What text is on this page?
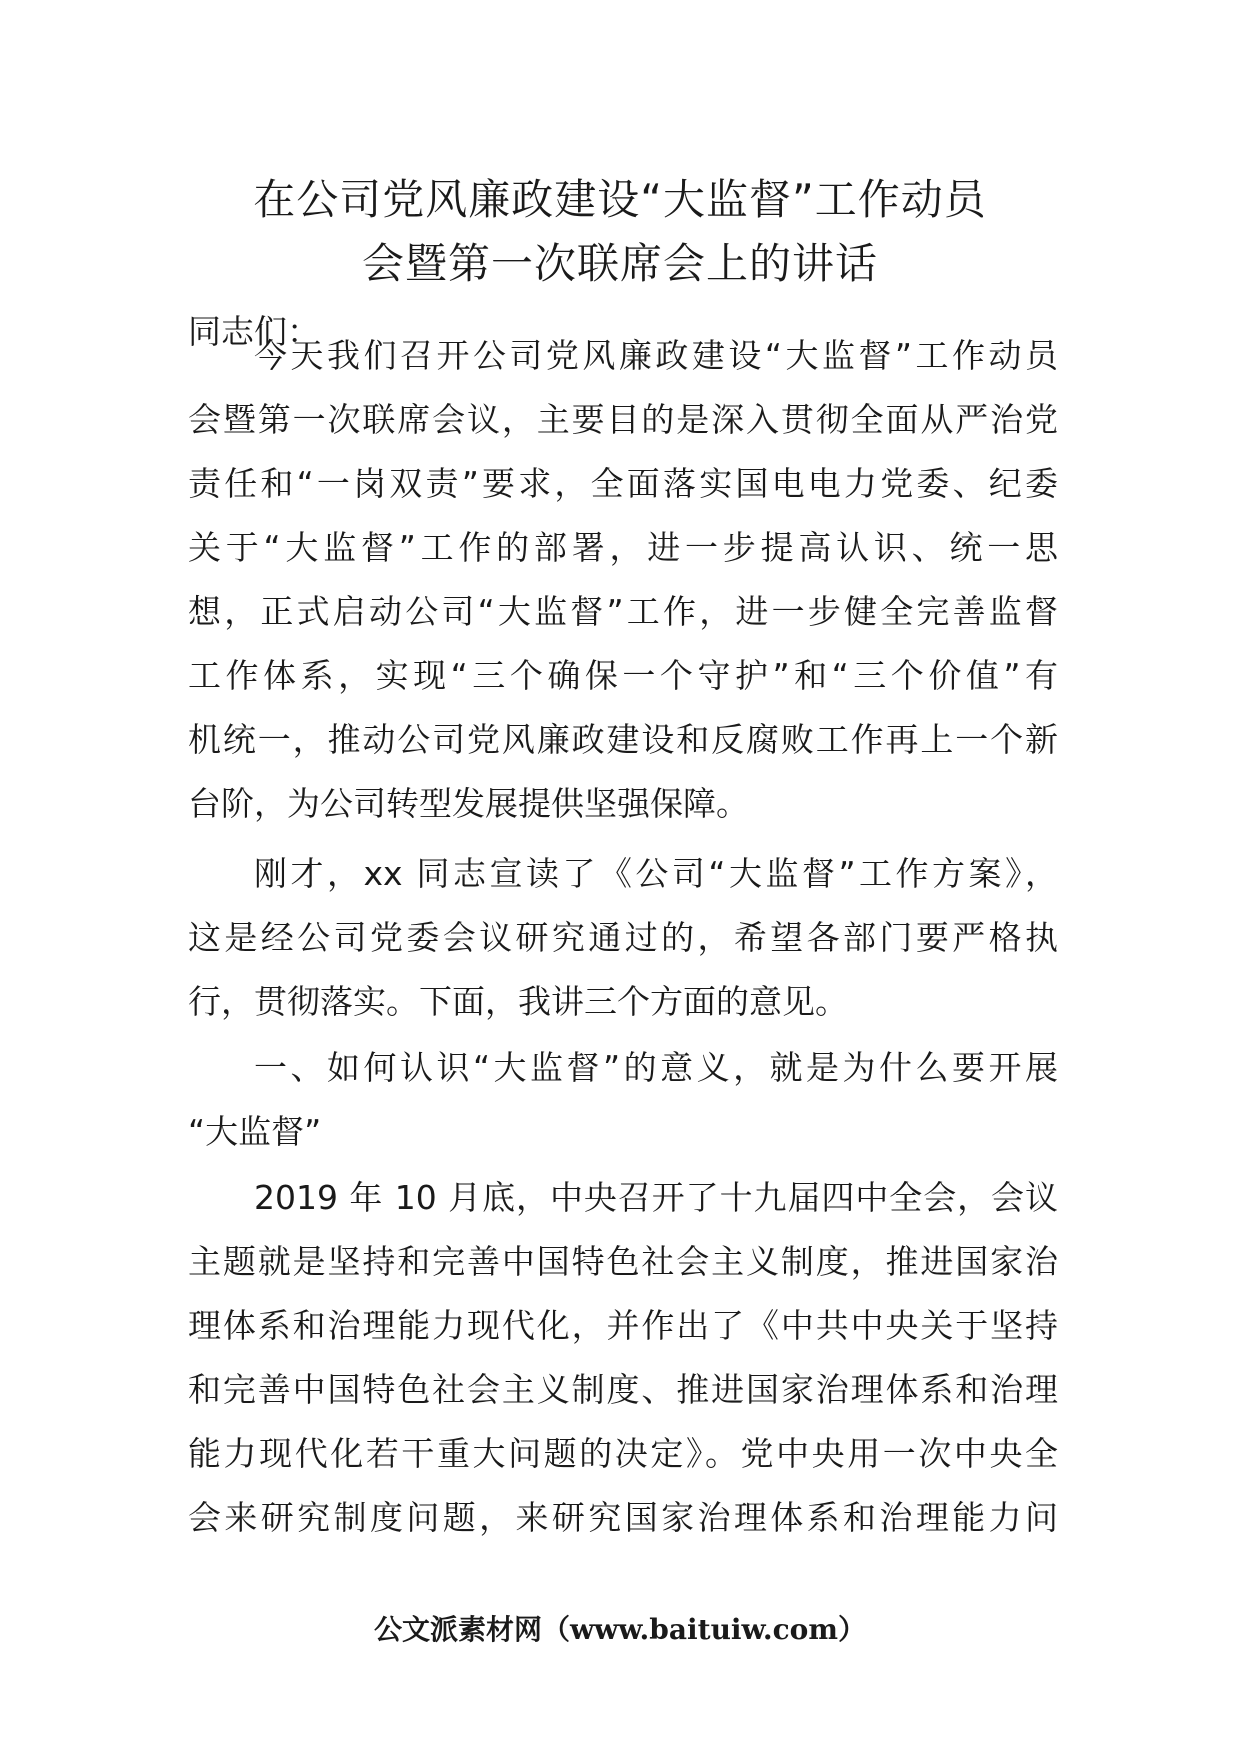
在公司党风廉政建设“大监督”工作动员
会暨第一次联席会上的讲话
同志们：
今天我们召开公司党风廉政建设“大监督”工作动员
会暨第一次联席会议，主要目的是深入贯彻全面从严治党
责任和“一岗双责”要求，全面落实国电电力党委、纪委
关于“大监督”工作的部署，进一步提高认识、统一思
想，正式启动公司“大监督”工作，进一步健全完善监督
工作体系，实现“三个确保一个守护”和“三个价值”有
机统一，推动公司党风廉政建设和反腐败工作再上一个新
台阶，为公司转型发展提供坚强保障。
刚才，xx 同志宣读了《公司“大监督”工作方案》，
这是经公司党委会议研究通过的，希望各部门要严格执
行，贯彻落实。下面，我讲三个方面的意见。
一、如何认识“大监督”的意义，就是为什么要开展
“大监督”
2019 年 10 月底，中央召开了十九届四中全会，会议
主题就是坚持和完善中国特色社会主义制度，推进国家治
理体系和治理能力现代化，并作出了《中共中央关于坚持
和完善中国特色社会主义制度、推进国家治理体系和治理
能力现代化若干重大问题的决定》。党中央用一次中央全
会来研究制度问题，来研究国家治理体系和治理能力问
公文派素材网（www.baituiw.com）
